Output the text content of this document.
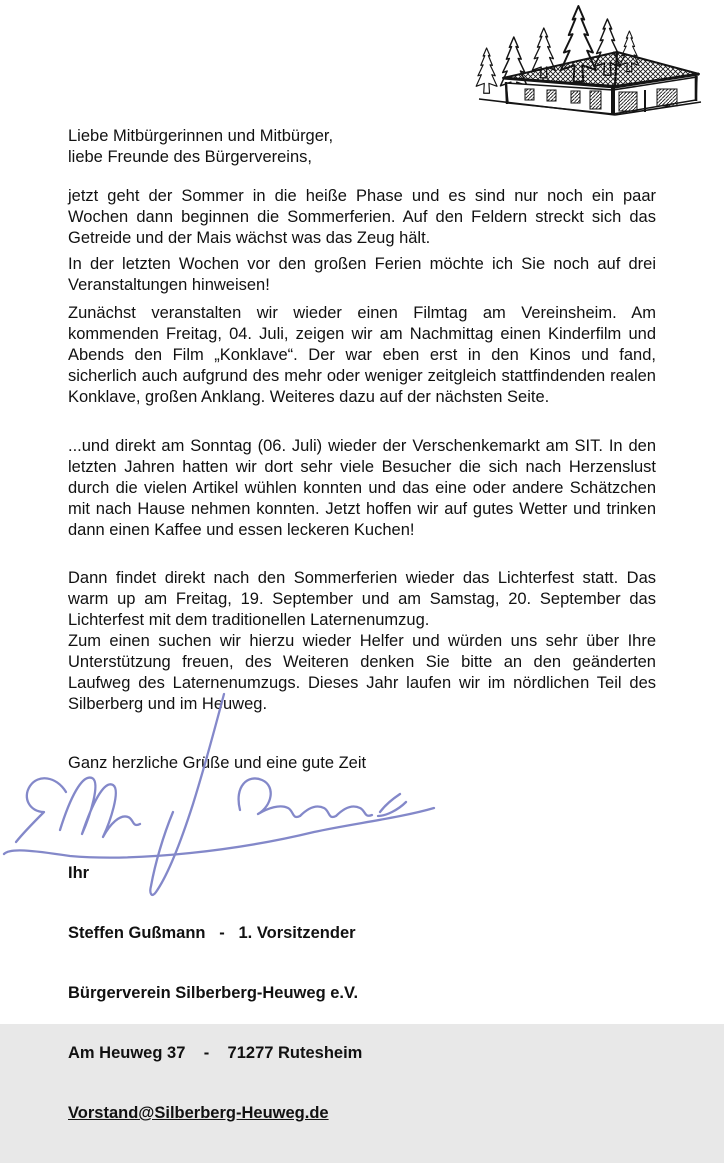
Liebe Mitbürgerinnen und Mitbürger,

liebe Freunde des Bürgervereins,

jetzt geht der Sommer in die heiße Phase und es sind nur noch ein paar Wochen dann beginnen die Sommerferien. Auf den Feldern streckt sich das Getreide und der Mais wächst was das Zeug hält.

In der letzten Wochen vor den großen Ferien möchte ich Sie noch auf drei Veranstaltungen hinweisen!

Zunächst veranstalten wir wieder einen Filmtag am Vereinsheim. Am kommenden Freitag, 04. Juli, zeigen wir am Nachmittag einen Kinderfilm und Abends den Film „Konklave“. Der war eben erst in den Kinos und fand, sicherlich auch aufgrund des mehr oder weniger zeitgleich stattfindenden realen Konklave, großen Anklang. Weiteres dazu auf der nächsten Seite.

...und direkt am Sonntag (06. Juli) wieder der Verschenkemarkt am SIT. In den letzten Jahren hatten wir dort sehr viele Besucher die sich nach Herzenslust durch die vielen Artikel wühlen konnten und das eine oder andere Schätzchen mit nach Hause nehmen konnten. Jetzt hoffen wir auf gutes Wetter und trinken dann einen Kaffee und essen leckeren Kuchen!

Dann findet direkt nach den Sommerferien wieder das Lichterfest statt. Das warm up am Freitag, 19. September und am Samstag, 20. September das Lichterfest mit dem traditionellen Laternenumzug.

Zum einen suchen wir hierzu wieder Helfer und würden uns sehr über Ihre Unterstützung freuen, des Weiteren denken Sie bitte an den geänderten Laufweg des Laternenumzugs. Dieses Jahr laufen wir im nördlichen Teil des Silberberg und im Heuweg.

Ganz herzliche Grüße und eine gute Zeit

Ihr

Steffen Gußmann   -   1. Vorsitzender

Bürgerverein Silberberg-Heuweg e.V.

Am Heuweg 37    -    71277 Rutesheim

Vorstand@Silberberg-Heuweg.de
